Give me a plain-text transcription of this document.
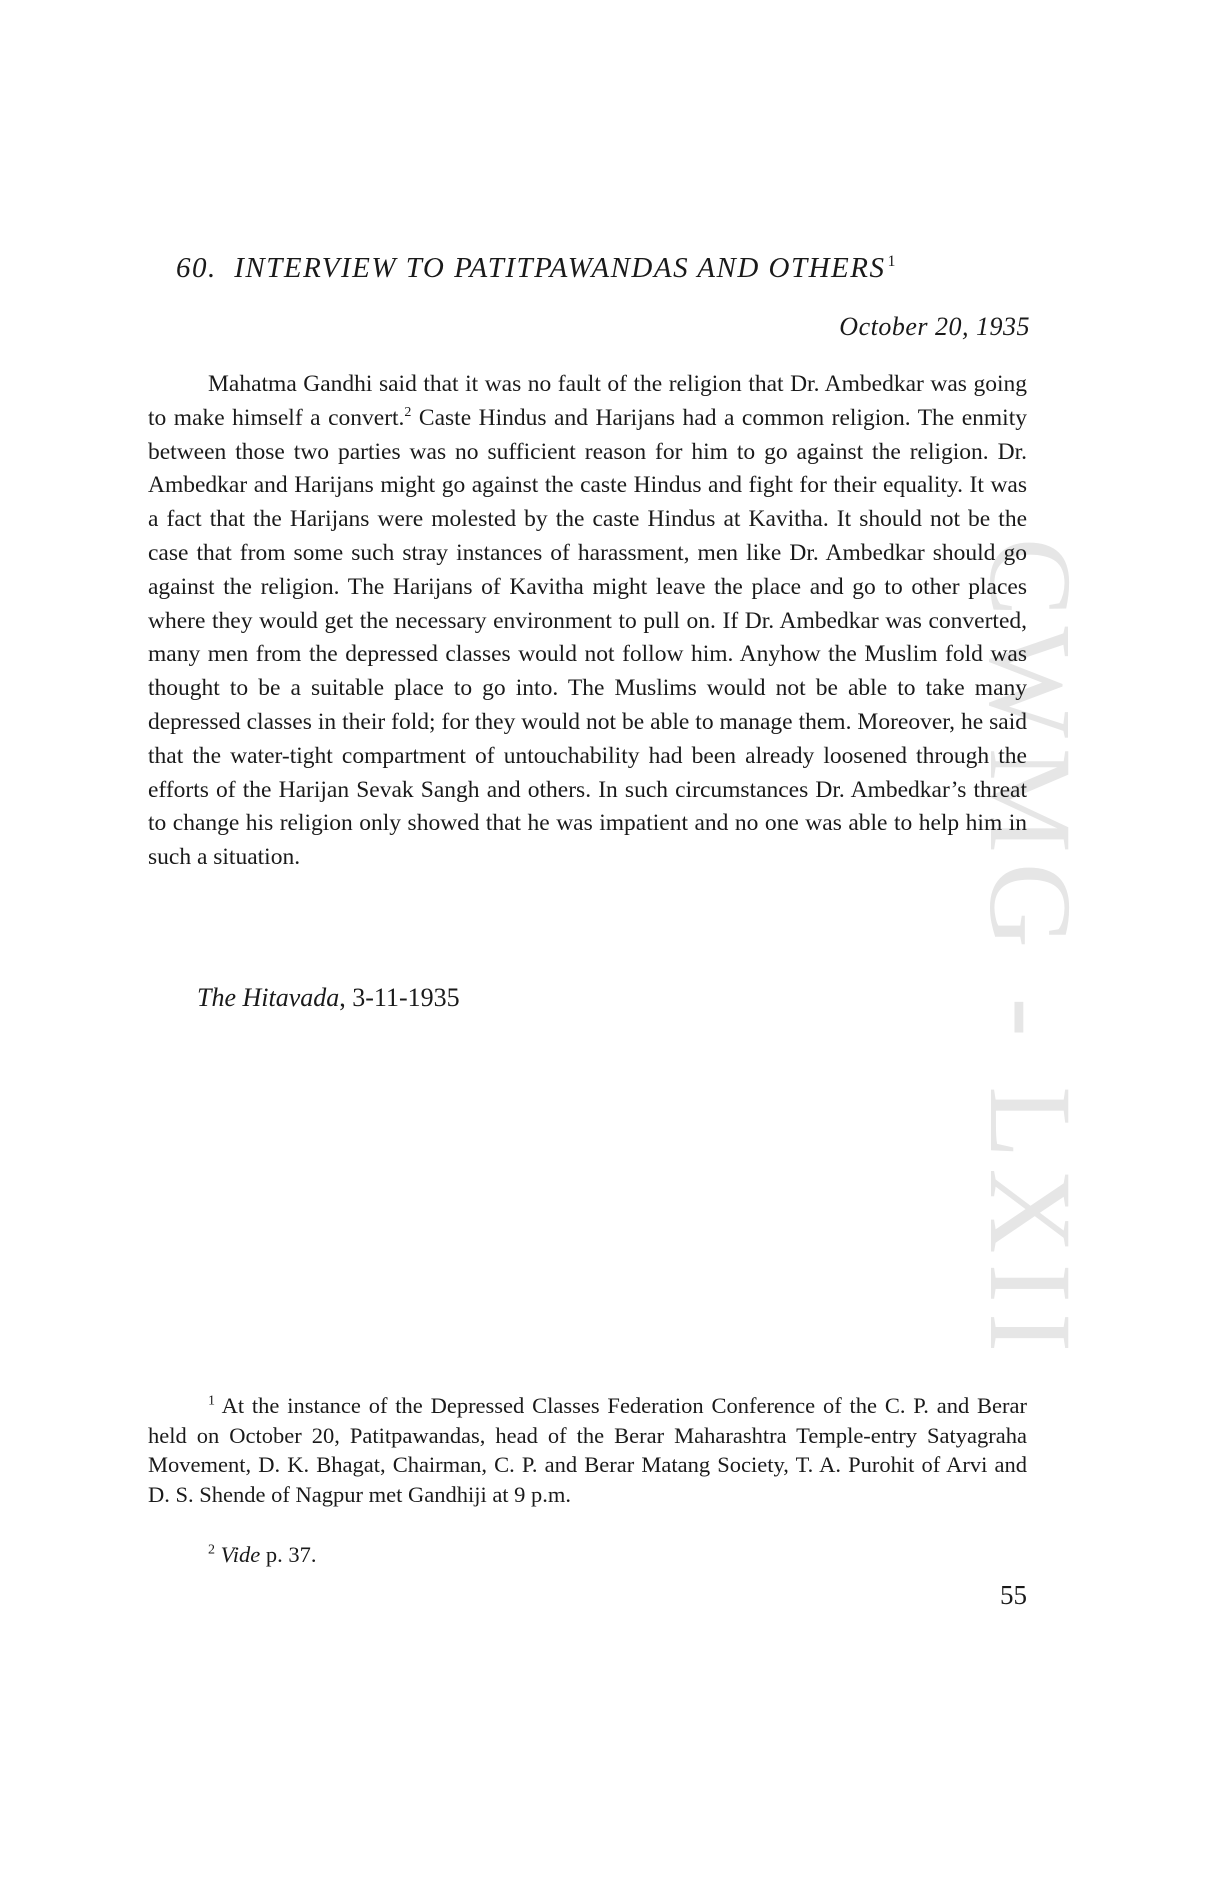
CWMG - LXII
60. INTERVIEW TO PATITPAWANDAS AND OTHERS $^1$
October 20, 1935

Mahatma Gandhi said that it was no fault of the religion that Dr. Ambedkar was going to make himself a convert.$^2$ Caste Hindus and Harijans had a common religion. The enmity between those two parties was no sufficient reason for him to go against the religion. Dr. Ambedkar and Harijans might go against the caste Hindus and fight for their equality. It was a fact that the Harijans were molested by the caste Hindus at Kavitha. It should not be the case that from some such stray instances of harassment, men like Dr. Ambedkar should go against the religion. The Harijans of Kavitha might leave the place and go to other places where they would get the necessary environment to pull on. If Dr. Ambedkar was converted, many men from the depressed classes would not follow him. Anyhow the Muslim fold was thought to be a suitable place to go into. The Muslims would not be able to take many depressed classes in their fold; for they would not be able to manage them. Moreover, he said that the water-tight compartment of untouchability had been already loosened through the efforts of the Harijan Sevak Sangh and others. In such circumstances Dr. Ambedkar’s threat to change his religion only showed that he was impatient and no one was able to help him in such a situation.

The Hitavada, 3-11-1935

$^1$ At the instance of the Depressed Classes Federation Conference of the C. P. and Berar held on October 20, Patitpawandas, head of the Berar Maharashtra Temple-entry Satyagraha Movement, D. K. Bhagat, Chairman, C. P. and Berar Matang Society, T. A. Purohit of Arvi and D. S. Shende of Nagpur met Gandhiji at 9 p.m.

$^2$ Vide p. 37.

55
